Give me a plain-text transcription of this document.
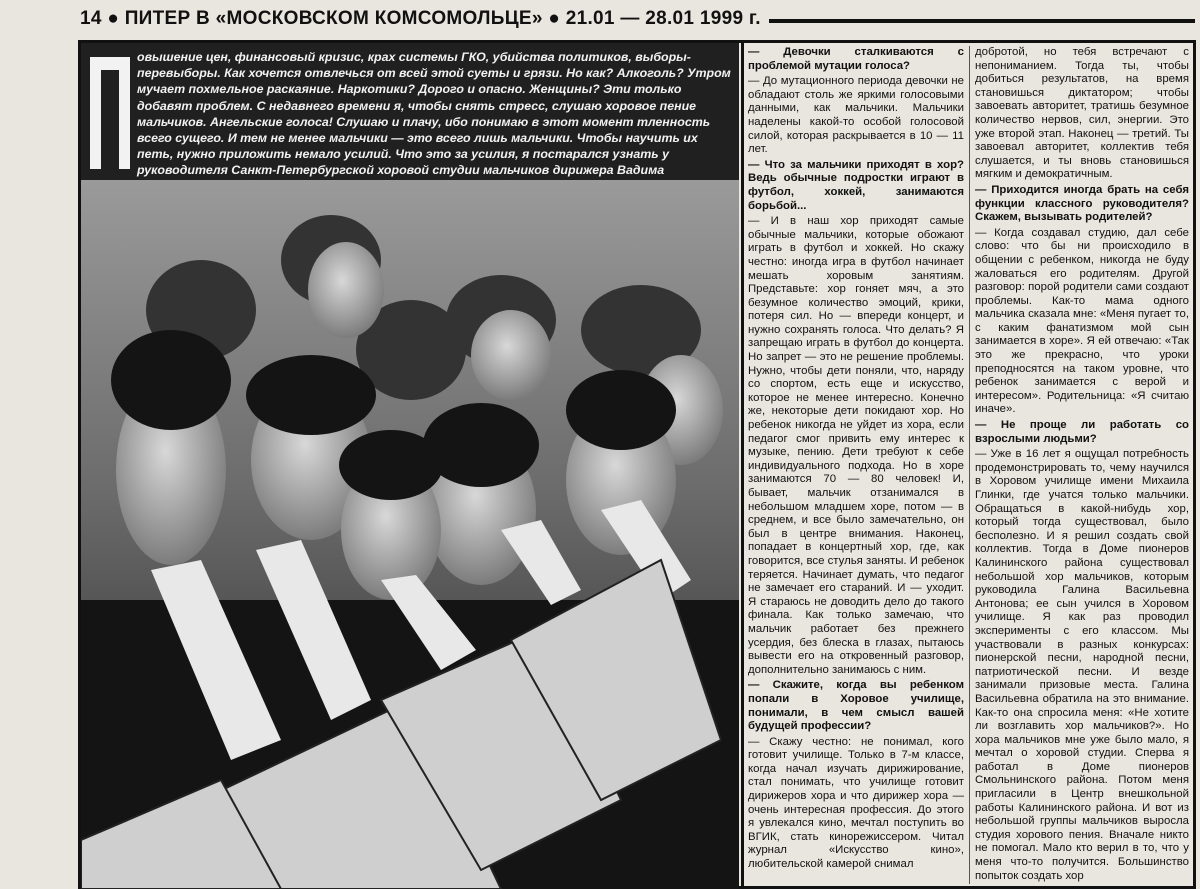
14 ● ПИТЕР В «МОСКОВСКОМ КОМСОМОЛЬЦЕ» ● 21.01 — 28.01 1999 г.

овышение цен, финансовый кризис, крах системы ГКО, убийства политиков, выборы-перевыборы. Как хочется отвлечься от всей этой суеты и грязи. Но как? Алкоголь? Утром мучает похмельное раскаяние. Наркотики? Дорого и опасно. Женщины? Эти только добавят проблем. С недавнего времени я, чтобы снять стресс, слушаю хоровое пение мальчиков. Ангельские голоса! Слушаю и плачу, ибо понимаю в этот момент тленность всего сущего. И тем не менее мальчики — это всего лишь мальчики. Чтобы научить их петь, нужно приложить немало усилий. Что это за усилия, я постарался узнать у руководителя Санкт-Петербургской хоровой студии мальчиков дирижера Вадима

— Девочки сталкиваются с проблемой мутации голоса?

— До мутационного периода девочки не обладают столь же яркими голосовыми данными, как мальчики. Мальчики наделены какой-то особой голосовой силой, которая раскрывается в 10 — 11 лет.

— Что за мальчики приходят в хор? Ведь обычные подростки играют в футбол, хоккей, занимаются борьбой...

— И в наш хор приходят самые обычные мальчики, которые обожают играть в футбол и хоккей. Но скажу честно: иногда игра в футбол начинает мешать хоровым занятиям. Представьте: хор гоняет мяч, а это безумное количество эмоций, крики, потеря сил. Но — впереди концерт, и нужно сохранять голоса. Что делать? Я запрещаю играть в футбол до концерта. Но запрет — это не решение проблемы. Нужно, чтобы дети поняли, что, наряду со спортом, есть еще и искусство, которое не менее интересно. Конечно же, некоторые дети покидают хор. Но ребенок никогда не уйдет из хора, если педагог смог привить ему интерес к музыке, пению. Дети требуют к себе индивидуального подхода. Но в хоре занимаются 70 — 80 человек! И, бывает, мальчик отзанимался в небольшом младшем хоре, потом — в среднем, и все было замечательно, он был в центре внимания. Наконец, попадает в концертный хор, где, как говорится, все стулья заняты. И ребенок теряется. Начинает думать, что педагог не замечает его стараний. И — уходит. Я стараюсь не доводить дело до такого финала. Как только замечаю, что мальчик работает без прежнего усердия, без блеска в глазах, пытаюсь вывести его на откровенный разговор, дополнительно занимаюсь с ним.

— Скажите, когда вы ребенком попали в Хоровое училище, понимали, в чем смысл вашей будущей профессии?

— Скажу честно: не понимал, кого готовит училище. Только в 7-м классе, когда начал изучать дирижирование, стал понимать, что училище готовит дирижеров хора и что дирижер хора — очень интересная профессия. До этого я увлекался кино, мечтал поступить во ВГИК, стать кинорежиссером. Читал журнал «Искусство кино», любительской камерой снимал

добротой, но тебя встречают с непониманием. Тогда ты, чтобы добиться результатов, на время становишься диктатором; чтобы завоевать авторитет, тратишь безумное количество нервов, сил, энергии. Это уже второй этап. Наконец — третий. Ты завоевал авторитет, коллектив тебя слушается, и ты вновь становишься мягким и демократичным.

— Приходится иногда брать на себя функции классного руководителя? Скажем, вызывать родителей?

— Когда создавал студию, дал себе слово: что бы ни происходило в общении с ребенком, никогда не буду жаловаться его родителям. Другой разговор: порой родители сами создают проблемы. Как-то мама одного мальчика сказала мне: «Меня пугает то, с каким фанатизмом мой сын занимается в хоре». Я ей отвечаю: «Так это же прекрасно, что уроки преподносятся на таком уровне, что ребенок занимается с верой и интересом». Родительница: «Я считаю иначе».

— Не проще ли работать со взрослыми людьми?

— Уже в 16 лет я ощущал потребность продемонстрировать то, чему научился в Хоровом училище имени Михаила Глинки, где учатся только мальчики. Обращаться в какой-нибудь хор, который тогда существовал, было бесполезно. И я решил создать свой коллектив. Тогда в Доме пионеров Калининского района существовал небольшой хор мальчиков, которым руководила Галина Васильевна Антонова; ее сын учился в Хоровом училище. Я как раз проводил эксперименты с его классом. Мы участвовали в разных конкурсах: пионерской песни, народной песни, патриотической песни. И везде занимали призовые места. Галина Васильевна обратила на это внимание. Как-то она спросила меня: «Не хотите ли возглавить хор мальчиков?». Но хора мальчиков мне уже было мало, я мечтал о хоровой студии. Сперва я работал в Доме пионеров Смольнинского района. Потом меня пригласили в Центр внешкольной работы Калининского района. И вот из небольшой группы мальчиков выросла студия хорового пения. Вначале никто не помогал. Мало кто верил в то, что у меня что-то получится. Большинство попыток создать хор
